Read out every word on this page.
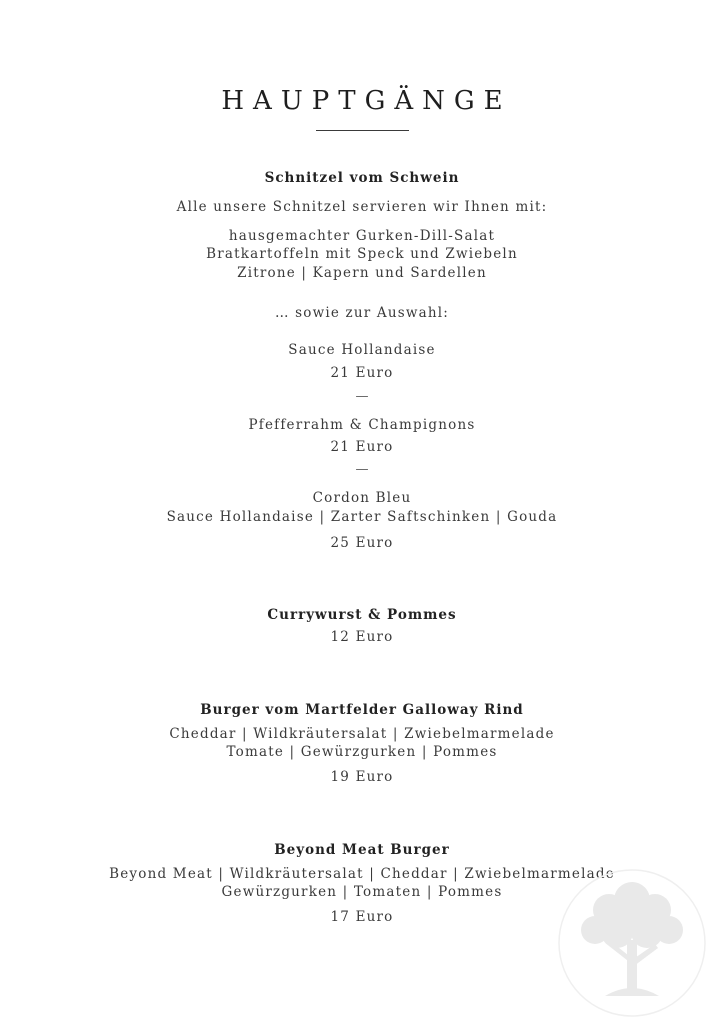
HAUPTGÄNGE
Schnitzel vom Schwein
Alle unsere Schnitzel servieren wir Ihnen mit:
hausgemachter Gurken-Dill-Salat
Bratkartoffeln mit Speck und Zwiebeln
Zitrone | Kapern und Sardellen
… sowie zur Auswahl:
Sauce Hollandaise
21 Euro
—
Pfefferrahm & Champignons
21 Euro
—
Cordon Bleu
Sauce Hollandaise | Zarter Saftschinken | Gouda
25 Euro
Currywurst & Pommes
12 Euro
Burger vom Martfelder Galloway Rind
Cheddar | Wildkräutersalat | Zwiebelmarmelade
Tomate | Gewürzgurken | Pommes
19 Euro
Beyond Meat Burger
Beyond Meat | Wildkräutersalat | Cheddar | Zwiebelmarmelade
Gewürzgurken | Tomaten | Pommes
17 Euro
